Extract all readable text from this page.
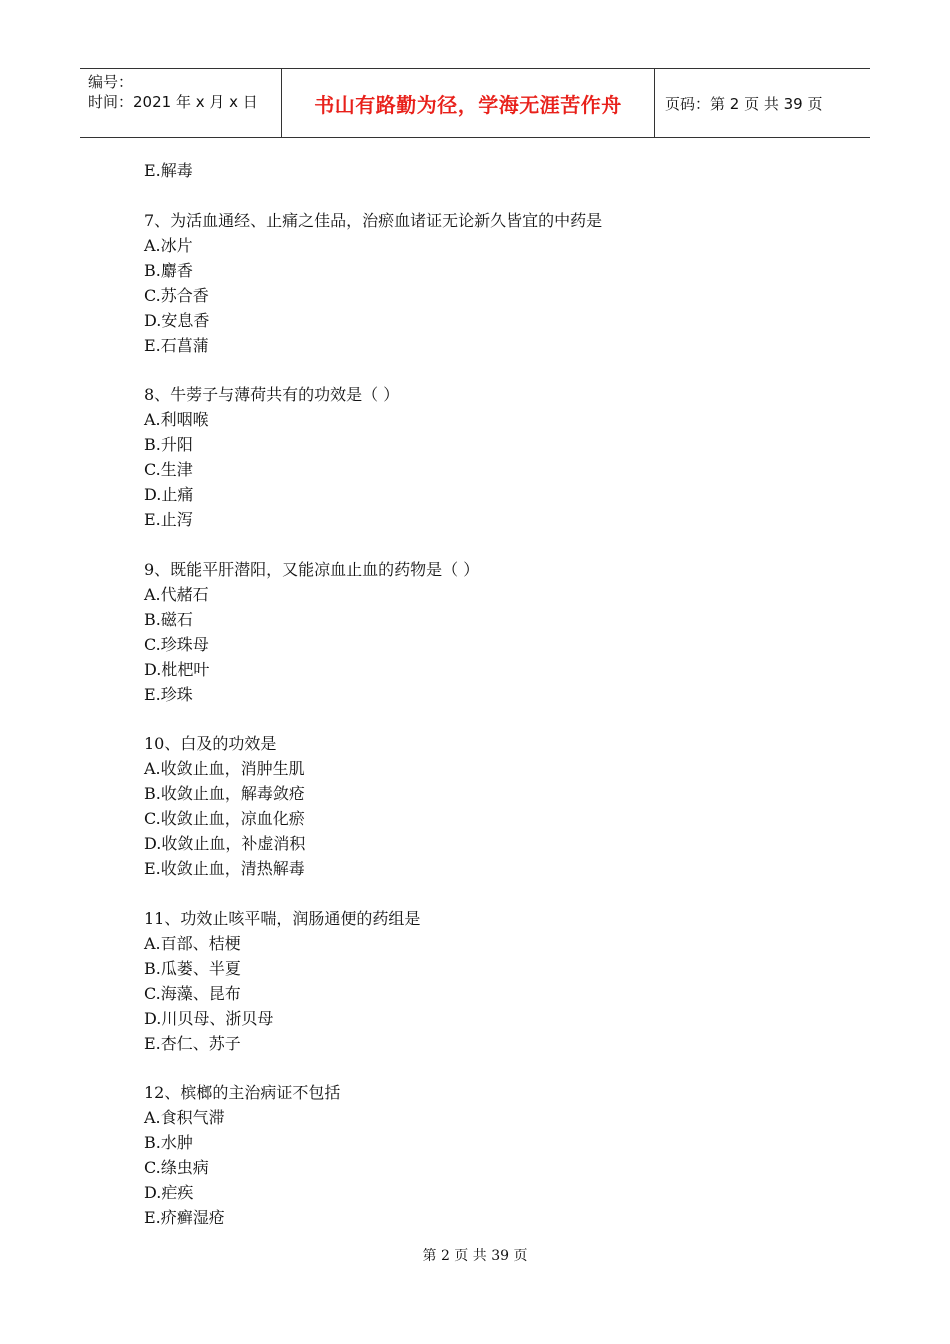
编号：
时间：2021 年 x 月 x 日	书山有路勤为径，学海无涯苦作舟	页码：第 2 页 共 39 页
E.解毒
7、为活血通经、止痛之佳品，治瘀血诸证无论新久皆宜的中药是
A.冰片
B.麝香
C.苏合香
D.安息香
E.石菖蒲
8、牛蒡子与薄荷共有的功效是（ ）
A.利咽喉
B.升阳
C.生津
D.止痛
E.止泻
9、既能平肝潜阳，又能凉血止血的药物是（ ）
A.代赭石
B.磁石
C.珍珠母
D.枇杷叶
E.珍珠
10、白及的功效是
A.收敛止血，消肿生肌
B.收敛止血，解毒敛疮
C.收敛止血，凉血化瘀
D.收敛止血，补虚消积
E.收敛止血，清热解毒
11、功效止咳平喘，润肠通便的药组是
A.百部、桔梗
B.瓜蒌、半夏
C.海藻、昆布
D.川贝母、浙贝母
E.杏仁、苏子
12、槟榔的主治病证不包括
A.食积气滞
B.水肿
C.绦虫病
D.疟疾
E.疥癣湿疮
第 2 页 共 39 页
